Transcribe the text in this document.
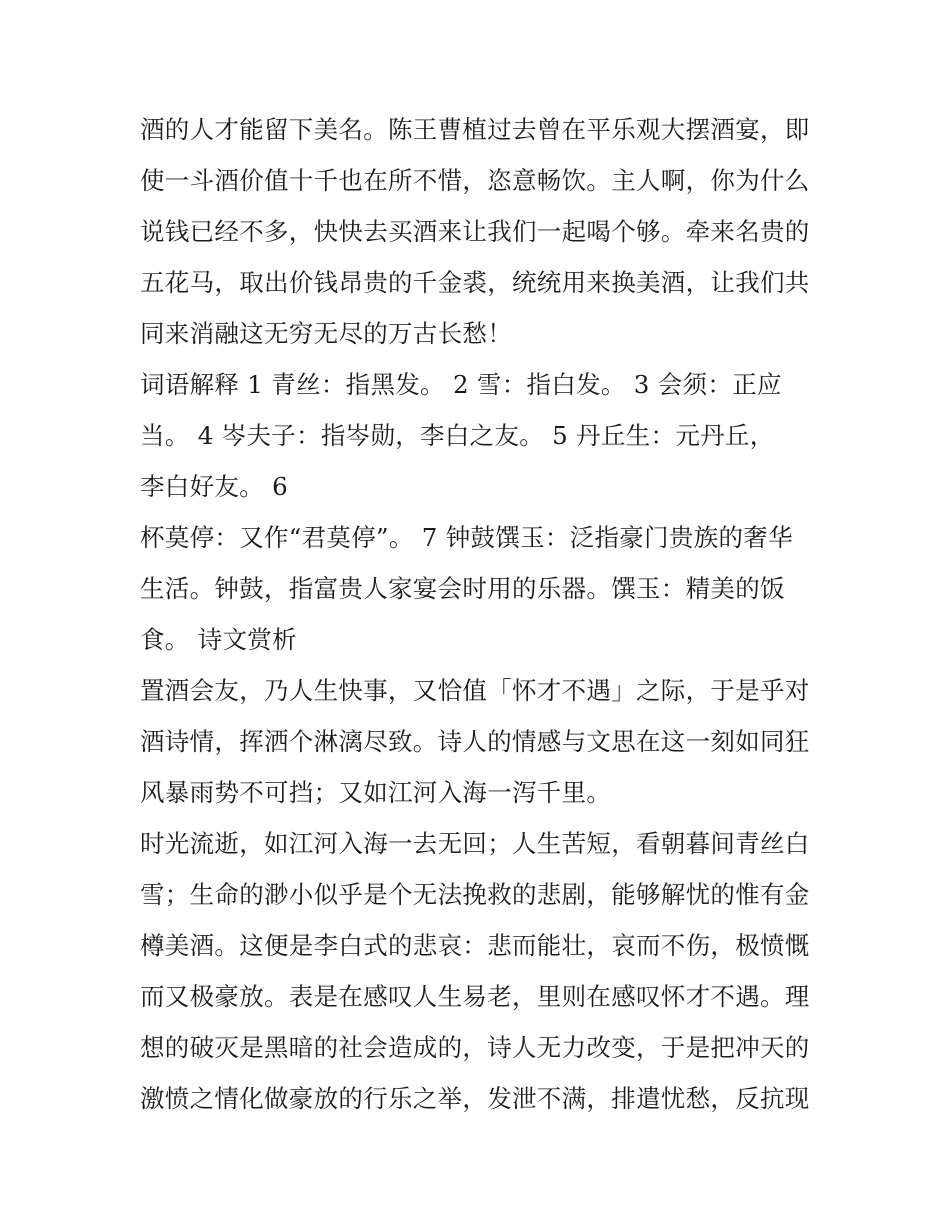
酒的人才能留下美名。陈王曹植过去曾在平乐观大摆酒宴，即
使一斗酒价值十千也在所不惜，恣意畅饮。主人啊，你为什么
说钱已经不多，快快去买酒来让我们一起喝个够。牵来名贵的
五花马，取出价钱昂贵的千金裘，统统用来换美酒，让我们共
同来消融这无穷无尽的万古长愁！
词语解释 1 青丝：指黑发。 2 雪：指白发。 3 会须：正应
当。 4 岑夫子：指岑勋，李白之友。 5 丹丘生：元丹丘，
李白好友。 6
杯莫停：又作“君莫停”。 7 钟鼓馔玉：泛指豪门贵族的奢华
生活。钟鼓，指富贵人家宴会时用的乐器。馔玉：精美的饭
食。 诗文赏析
置酒会友，乃人生快事，又恰值「怀才不遇」之际，于是乎对
酒诗情，挥洒个淋漓尽致。诗人的情感与文思在这一刻如同狂
风暴雨势不可挡；又如江河入海一泻千里。
时光流逝，如江河入海一去无回；人生苦短，看朝暮间青丝白
雪；生命的渺小似乎是个无法挽救的悲剧，能够解忧的惟有金
樽美酒。这便是李白式的悲哀：悲而能壮，哀而不伤，极愤慨
而又极豪放。表是在感叹人生易老，里则在感叹怀才不遇。理
想的破灭是黑暗的社会造成的，诗人无力改变，于是把冲天的
激愤之情化做豪放的行乐之举，发泄不满，排遣忧愁，反抗现
